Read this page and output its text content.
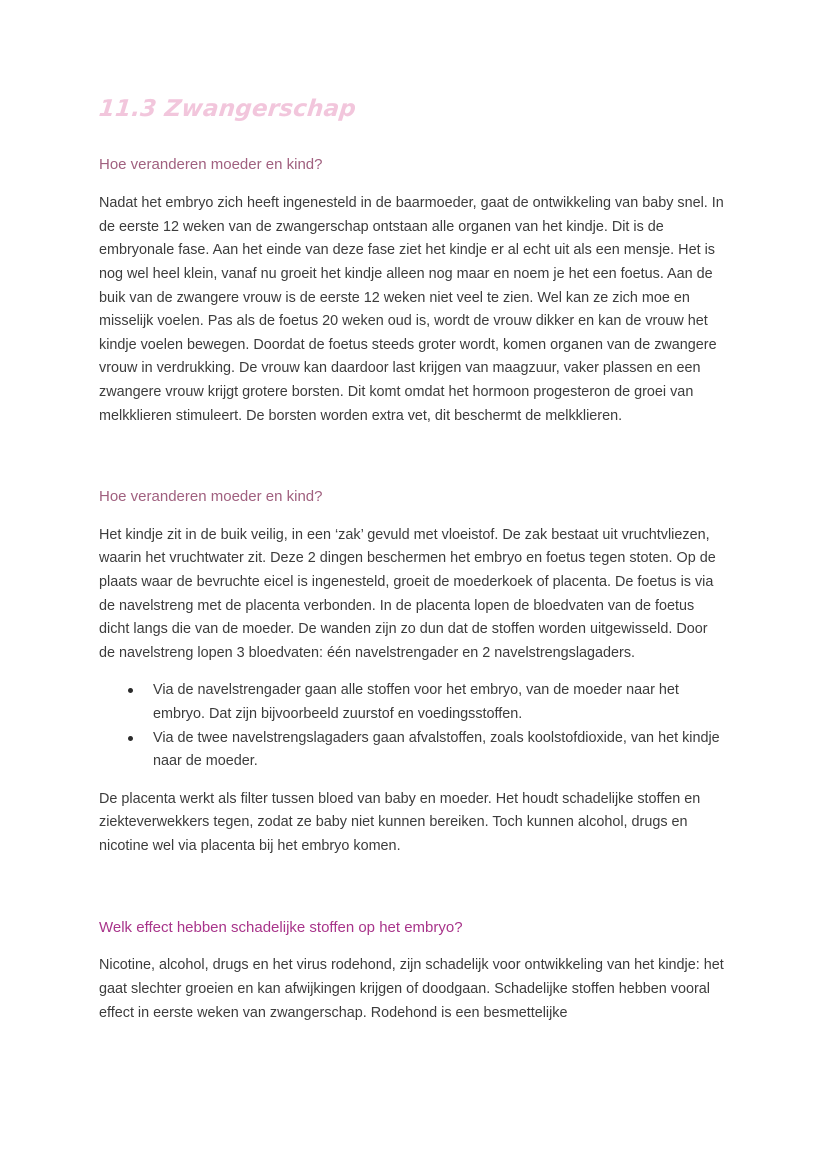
11.3 Zwangerschap
Hoe veranderen moeder en kind?

Nadat het embryo zich heeft ingenesteld in de baarmoeder, gaat de ontwikkeling van baby snel. In de eerste 12 weken van de zwangerschap ontstaan alle organen van het kindje. Dit is de embryonale fase. Aan het einde van deze fase ziet het kindje er al echt uit als een mensje. Het is nog wel heel klein, vanaf nu groeit het kindje alleen nog maar en noem je het een foetus. Aan de buik van de zwangere vrouw is de eerste 12 weken niet veel te zien. Wel kan ze zich moe en misselijk voelen. Pas als de foetus 20 weken oud is, wordt de vrouw dikker en kan de vrouw het kindje voelen bewegen. Doordat de foetus steeds groter wordt, komen organen van de zwangere vrouw in verdrukking. De vrouw kan daardoor last krijgen van maagzuur, vaker plassen en een zwangere vrouw krijgt grotere borsten. Dit komt omdat het hormoon progesteron de groei van melkklieren stimuleert. De borsten worden extra vet, dit beschermt de melkklieren.

Hoe veranderen moeder en kind?

Het kindje zit in de buik veilig, in een ‘zak’ gevuld met vloeistof. De zak bestaat uit vruchtvliezen, waarin het vruchtwater zit. Deze 2 dingen beschermen het embryo en foetus tegen stoten. Op de plaats waar de bevruchte eicel is ingenesteld, groeit de moederkoek of placenta. De foetus is via de navelstreng met de placenta verbonden. In de placenta lopen de bloedvaten van de foetus dicht langs die van de moeder. De wanden zijn zo dun dat de stoffen worden uitgewisseld. Door de navelstreng lopen 3 bloedvaten: één navelstrengader en 2 navelstrengslagaders.

Via de navelstrengader gaan alle stoffen voor het embryo, van de moeder naar het embryo. Dat zijn bijvoorbeeld zuurstof en voedingsstoffen.
Via de twee navelstrengslagaders gaan afvalstoffen, zoals koolstofdioxide, van het kindje naar de moeder.

De placenta werkt als filter tussen bloed van baby en moeder. Het houdt schadelijke stoffen en ziekteverwekkers tegen, zodat ze baby niet kunnen bereiken. Toch kunnen alcohol, drugs en nicotine wel via placenta bij het embryo komen.

Welk effect hebben schadelijke stoffen op het embryo?

Nicotine, alcohol, drugs en het virus rodehond, zijn schadelijk voor ontwikkeling van het kindje: het gaat slechter groeien en kan afwijkingen krijgen of doodgaan. Schadelijke stoffen hebben vooral effect in eerste weken van zwangerschap. Rodehond is een besmettelijke
